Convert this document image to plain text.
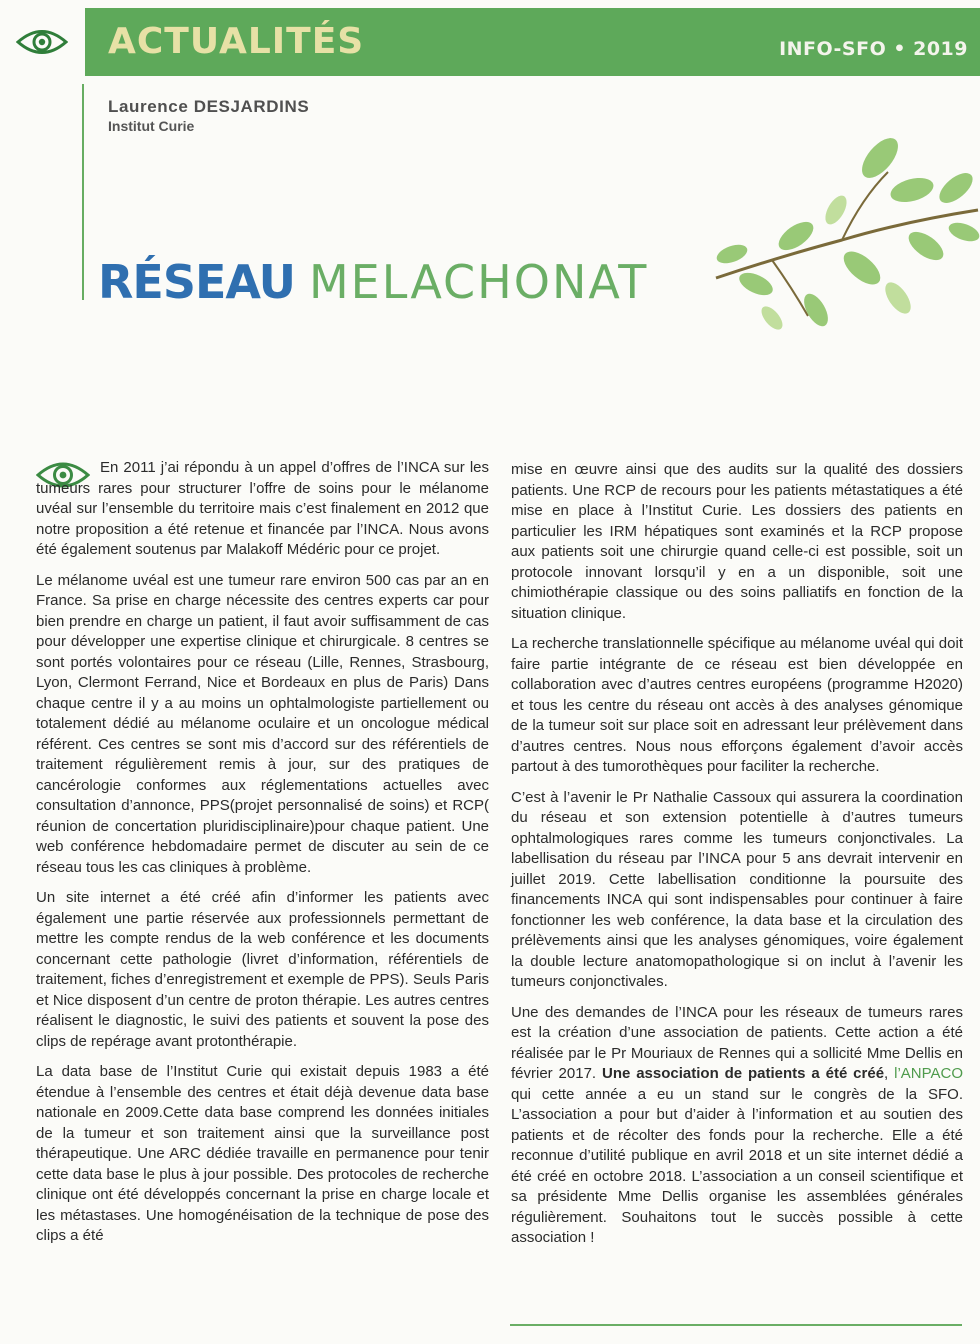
ACTUALITÉS	INFO-SFO • 2019
Laurence DESJARDINS
Institut Curie
RÉSEAU MELACHONAT

En 2011 j’ai répondu à un appel d’offres de l’INCA sur les tumeurs rares pour structurer l’offre de soins pour le mélanome uvéal sur l’ensemble du territoire mais c’est finalement en 2012 que notre proposition a été retenue et financée par l’INCA. Nous avons été également soutenus par Malakoff Médéric pour ce projet.

Le mélanome uvéal est une tumeur rare environ 500 cas par an en France. Sa prise en charge nécessite des centres experts car pour bien prendre en charge un patient, il faut avoir suffisamment de cas pour développer une expertise clinique et chirurgicale. 8 centres se sont portés volontaires pour ce réseau (Lille, Rennes, Strasbourg, Lyon, Clermont Ferrand, Nice et Bordeaux en plus de Paris) Dans chaque centre il y a au moins un ophtalmologiste partiellement ou totalement dédié au mélanome oculaire et un oncologue médical référent. Ces centres se sont mis d’accord sur des référentiels de traitement régulièrement remis à jour, sur des pratiques de cancérologie conformes aux réglementations actuelles avec consultation d’annonce, PPS(projet personnalisé de soins) et RCP( réunion de concertation pluridisciplinaire)pour chaque patient. Une web conférence hebdomadaire permet de discuter au sein de ce réseau tous les cas cliniques à problème.

Un site internet a été créé afin d’informer les patients avec également une partie réservée aux professionnels permettant de mettre les compte rendus de la web conférence et les documents concernant cette pathologie (livret d’information, référentiels de traitement, fiches d’enregistrement et exemple de PPS). Seuls Paris et Nice disposent d’un centre de proton thérapie. Les autres centres réalisent le diagnostic, le suivi des patients et souvent la pose des clips de repérage avant protonthérapie.

La data base de l’Institut Curie qui existait depuis 1983 a été étendue à l’ensemble des centres et était déjà devenue data base nationale en 2009.Cette data base comprend les données initiales de la tumeur et son traitement ainsi que la surveillance post thérapeutique. Une ARC dédiée travaille en permanence pour tenir cette data base le plus à jour possible. Des protocoles de recherche clinique ont été développés concernant la prise en charge locale et les métastases. Une homogénéisation de la technique de pose des clips a été

mise en œuvre ainsi que des audits sur la qualité des dossiers patients. Une RCP de recours pour les patients métastatiques a été mise en place à l’Institut Curie. Les dossiers des patients en particulier les IRM hépatiques sont examinés et la RCP propose aux patients soit une chirurgie quand celle-ci est possible, soit un protocole innovant lorsqu’il y en a un disponible, soit une chimiothérapie classique ou des soins palliatifs en fonction de la situation clinique.

La recherche translationnelle spécifique au mélanome uvéal qui doit faire partie intégrante de ce réseau est bien développée en collaboration avec d’autres centres européens (programme H2020) et tous les centre du réseau ont accès à des analyses génomique de la tumeur soit sur place soit en adressant leur prélèvement dans d’autres centres. Nous nous efforçons également d’avoir accès partout à des tumorothèques pour faciliter la recherche.

C’est à l’avenir le Pr Nathalie Cassoux qui assurera la coordination du réseau et son extension potentielle à d’autres tumeurs ophtalmologiques rares comme les tumeurs conjonctivales. La labellisation du réseau par l’INCA pour 5 ans devrait intervenir en juillet 2019. Cette labellisation conditionne la poursuite des financements INCA qui sont indispensables pour continuer à faire fonctionner les web conférence, la data base et la circulation des prélèvements ainsi que les analyses génomiques, voire également la double lecture anatomopathologique si on inclut à l’avenir les tumeurs conjonctivales.

Une des demandes de l’INCA pour les réseaux de tumeurs rares est la création d’une association de patients. Cette action a été réalisée par le Pr Mouriaux de Rennes qui a sollicité Mme Dellis en février 2017. Une association de patients a été créé, l’ANPACO qui cette année a eu un stand sur le congrès de la SFO. L’association a pour but d’aider à l’information et au soutien des patients et de récolter des fonds pour la recherche. Elle a été reconnue d’utilité publique en avril 2018 et un site internet dédié a été créé en octobre 2018. L’association a un conseil scientifique et sa présidente Mme Dellis organise les assemblées générales régulièrement. Souhaitons tout le succès possible à cette association !
